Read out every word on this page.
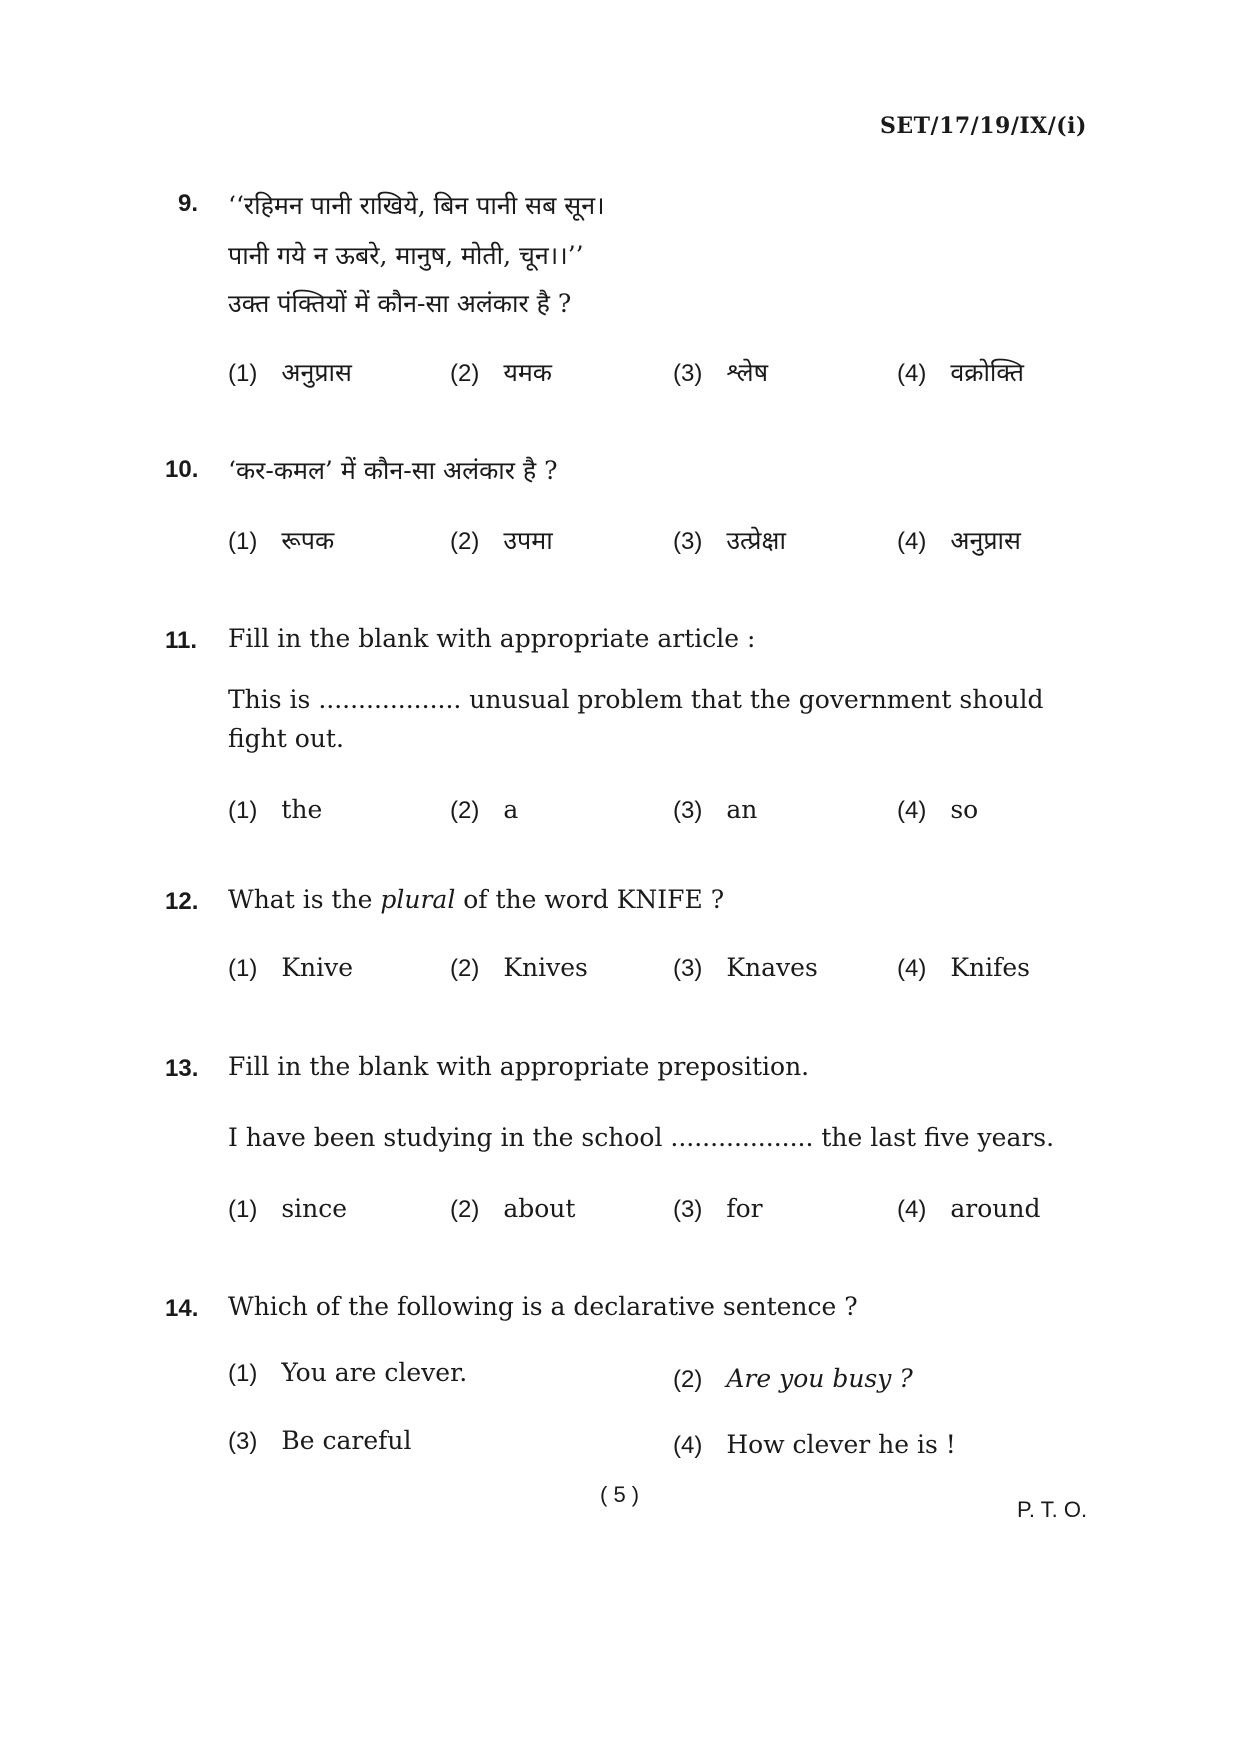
SET/17/19/IX/(i)
9. ‘‘रहिमन पानी राखिये, बिन पानी सब सून।
पानी गये न ऊबरे, मानुष, मोती, चून।।’’
उक्त पंक्तियों में कौन-सा अलंकार है ?
(1) अनुप्रास	(2) यमक	(3) श्लेष	(4) वक्रोक्ति
10. ‘कर-कमल’ में कौन-सा अलंकार है ?
(1) रूपक	(2) उपमा	(3) उत्प्रेक्षा	(4) अनुप्रास
11. Fill in the blank with appropriate article :
This is .................. unusual problem that the government should
fight out.
(1) the	(2) a	(3) an	(4) so
12. What is the plural of the word KNIFE ?
(1) Knive	(2) Knives	(3) Knaves	(4) Knifes
13. Fill in the blank with appropriate preposition.
I have been studying in the school .................. the last five years.
(1) since	(2) about	(3) for	(4) around
14. Which of the following is a declarative sentence ?
(1) You are clever.	(2) Are you busy ?
(3) Be careful	(4) How clever he is !
( 5 )
P. T. O.
